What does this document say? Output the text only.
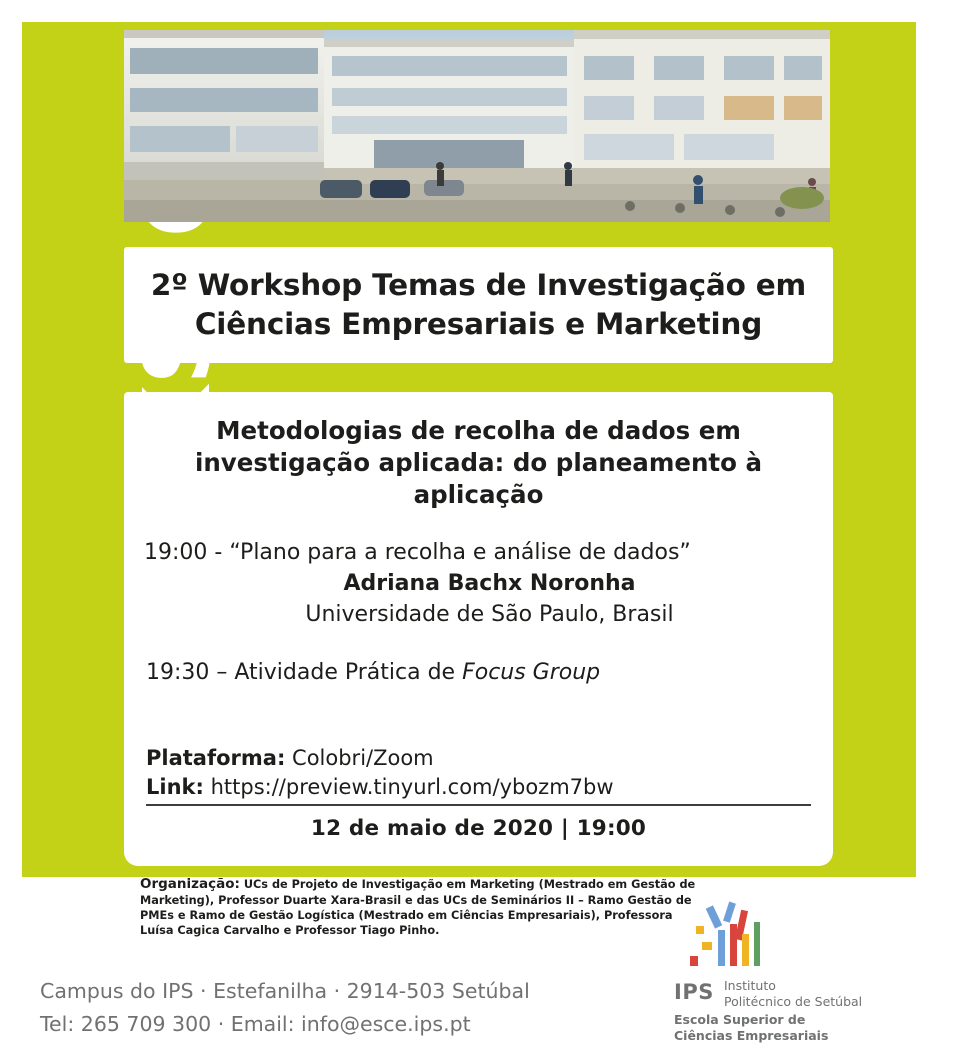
2º Workshop Temas de Investigação em Ciências Empresariais e Marketing

Metodologias de recolha de dados em investigação aplicada: do planeamento à aplicação

19:00 - “Plano para a recolha e análise de dados”
Adriana Bachx Noronha
Universidade de São Paulo, Brasil
19:30 – Atividade Prática de Focus Group
Plataforma: Colobri/Zoom
Link: https://preview.tinyurl.com/ybozm7bw
12 de maio de 2020 | 19:00
Organização: UCs de Projeto de Investigação em Marketing (Mestrado em Gestão de Marketing), Professor Duarte Xara-Brasil e das UCs de Seminários II – Ramo Gestão de PMEs e Ramo de Gestão Logística (Mestrado em Ciências Empresariais), Professora Luísa Cagica Carvalho e Professor Tiago Pinho.
Campus do IPS · Estefanilha · 2914-503 Setúbal
Tel: 265 709 300 · Email: info@esce.ips.pt
IPS Instituto
Politécnico de Setúbal
Escola Superior de
Ciências Empresariais
